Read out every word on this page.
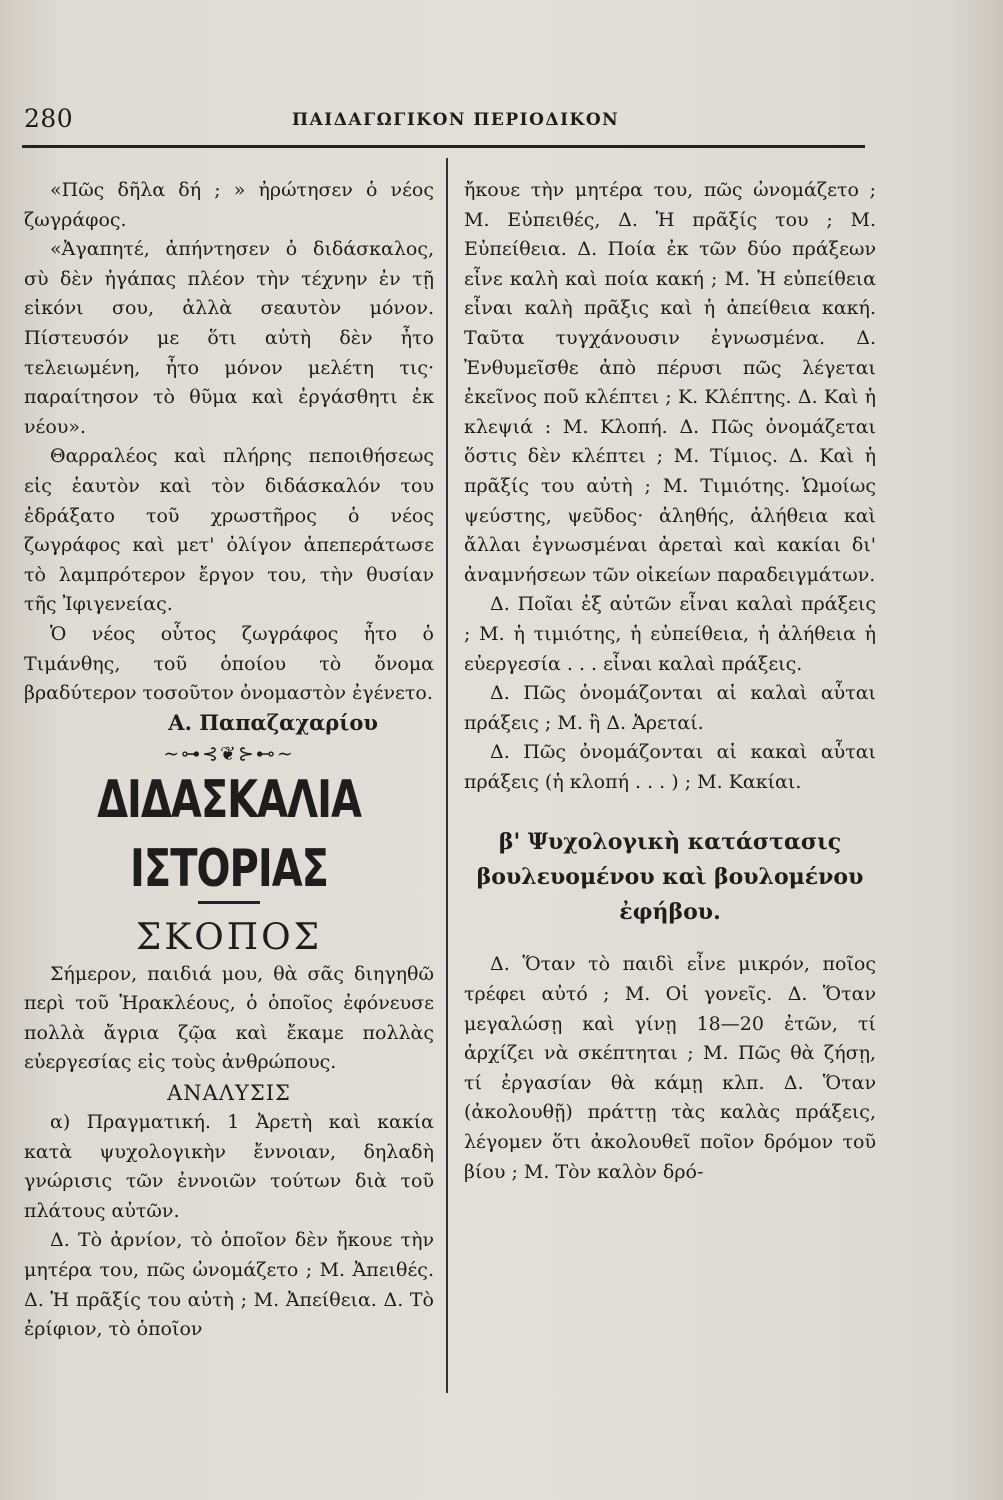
280	ΠΑΙΔΑΓΩΓΙΚΟΝ ΠΕΡΙΟΔΙΚΟΝ

«Πῶς δῆλα δή ; » ἠρώτησεν ὁ νέος ζωγράφος.

«Ἀγαπητέ, ἀπήντησεν ὁ διδάσκαλος, σὺ δὲν ἠγάπας πλέον τὴν τέχνην ἐν τῇ εἰκόνι σου, ἀλλὰ σεαυτὸν μόνον. Πίστευσόν με ὅτι αὐτὴ δὲν ἦτο τελειωμένη, ἦτο μόνον μελέτη τις· παραίτησον τὸ θῦμα καὶ ἐργάσθητι ἐκ νέου».

Θαρραλέος καὶ πλήρης πεποιθήσεως εἰς ἑαυτὸν καὶ τὸν διδάσκαλόν του ἐδράξατο τοῦ χρωστῆρος ὁ νέος ζωγράφος καὶ μετ' ὀλίγον ἀπεπεράτωσε τὸ λαμπρότερον ἔργον του, τὴν θυσίαν τῆς Ἰφιγενείας.

Ὁ νέος οὗτος ζωγράφος ἦτο ὁ Τιμάνθης, τοῦ ὁποίου τὸ ὄνομα βραδύτερον τοσοῦτον ὀνομαστὸν ἐγένετο.

Α. Παπαζαχαρίου
∼⊶⊰❦⊱⊷∼
ΔΙΔΑΣΚΑΛΙΑ ΙΣΤΟΡΙΑΣ
ΣΚΟΠΟΣ

Σήμερον, παιδιά μου, θὰ σᾶς διηγηθῶ περὶ τοῦ Ἡρακλέους, ὁ ὁποῖος ἐφόνευσε πολλὰ ἄγρια ζῷα καὶ ἔκαμε πολλὰς εὐεργεσίας εἰς τοὺς ἀνθρώπους.

ΑΝΑΛΥΣΙΣ

α) Πραγματική. 1 Ἀρετὴ καὶ κακία κατὰ ψυχολογικὴν ἔννοιαν, δηλαδὴ γνώρισις τῶν ἐννοιῶν τούτων διὰ τοῦ πλάτους αὐτῶν.

Δ. Τὸ ἀρνίον, τὸ ὁποῖον δὲν ἤκουε τὴν μητέρα του, πῶς ὠνομάζετο ; Μ. Ἀπειθές. Δ. Ἡ πρᾶξίς του αὐτὴ ; Μ. Ἀπείθεια. Δ. Τὸ ἐρίφιον, τὸ ὁποῖον

ἤκουε τὴν μητέρα του, πῶς ὠνομάζετο ; Μ. Εὐπειθές, Δ. Ἡ πρᾶξίς του ; Μ. Εὐπείθεια. Δ. Ποία ἐκ τῶν δύο πράξεων εἶνε καλὴ καὶ ποία κακή ; Μ. Ἡ εὐπείθεια εἶναι καλὴ πρᾶξις καὶ ἡ ἀπείθεια κακή. Ταῦτα τυγχάνουσιν ἐγνωσμένα. Δ. Ἐνθυμεῖσθε ἀπὸ πέρυσι πῶς λέγεται ἐκεῖνος ποῦ κλέπτει ; Κ. Κλέπτης. Δ. Καὶ ἡ κλεψιά : Μ. Κλοπή. Δ. Πῶς ὀνομάζεται ὅστις δὲν κλέπτει ; Μ. Τίμιος. Δ. Καὶ ἡ πρᾶξίς του αὐτὴ ; Μ. Τιμιότης. Ὡμοίως ψεύστης, ψεῦδος· ἀληθής, ἀλήθεια καὶ ἄλλαι ἐγνωσμέναι ἀρεταὶ καὶ κακίαι δι' ἀναμνήσεων τῶν οἰκείων παραδειγμάτων.

Δ. Ποῖαι ἐξ αὐτῶν εἶναι καλαὶ πράξεις ; Μ. ἡ τιμιότης, ἡ εὐπείθεια, ἡ ἀλήθεια ἡ εὐεργεσία . . . εἶναι καλαὶ πράξεις.

Δ. Πῶς ὀνομάζονται αἱ καλαὶ αὗται πράξεις ; Μ. ἢ Δ. Ἀρεταί.

Δ. Πῶς ὀνομάζονται αἱ κακαὶ αὗται πράξεις (ἡ κλοπή . . . ) ; Μ. Κακίαι.

β' Ψυχολογικὴ κατάστασις βουλευομένου καὶ βουλομένου ἐφήβου.

Δ. Ὅταν τὸ παιδὶ εἶνε μικρόν, ποῖος τρέφει αὐτό ; Μ. Οἱ γονεῖς. Δ. Ὅταν μεγαλώσῃ καὶ γίνῃ 18—20 ἐτῶν, τί ἀρχίζει νὰ σκέπτηται ; Μ. Πῶς θὰ ζήσῃ, τί ἐργασίαν θὰ κάμῃ κλπ. Δ. Ὅταν (ἀκολουθῇ) πράττῃ τὰς καλὰς πράξεις, λέγομεν ὅτι ἀκολουθεῖ ποῖον δρόμον τοῦ βίου ; Μ. Τὸν καλὸν δρό-
